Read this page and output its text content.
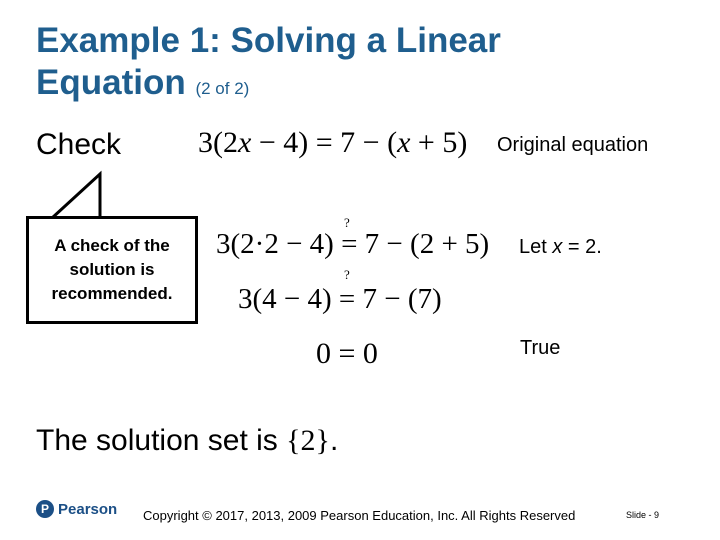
Example 1: Solving a Linear
Equation (2 of 2)
Check	3(2x − 4) = 7 − (x + 5)
?
3(2·2 − 4) = 7 − (2 + 5)
?
3(4 − 4) = 7 − (7)
0 = 0
Original equation
Let x = 2.
True
A check of the solution is recommended.
The solution set is {2}.
P Pearson Copyright © 2017, 2013, 2009 Pearson Education, Inc. All Rights Reserved	Slide - 9
